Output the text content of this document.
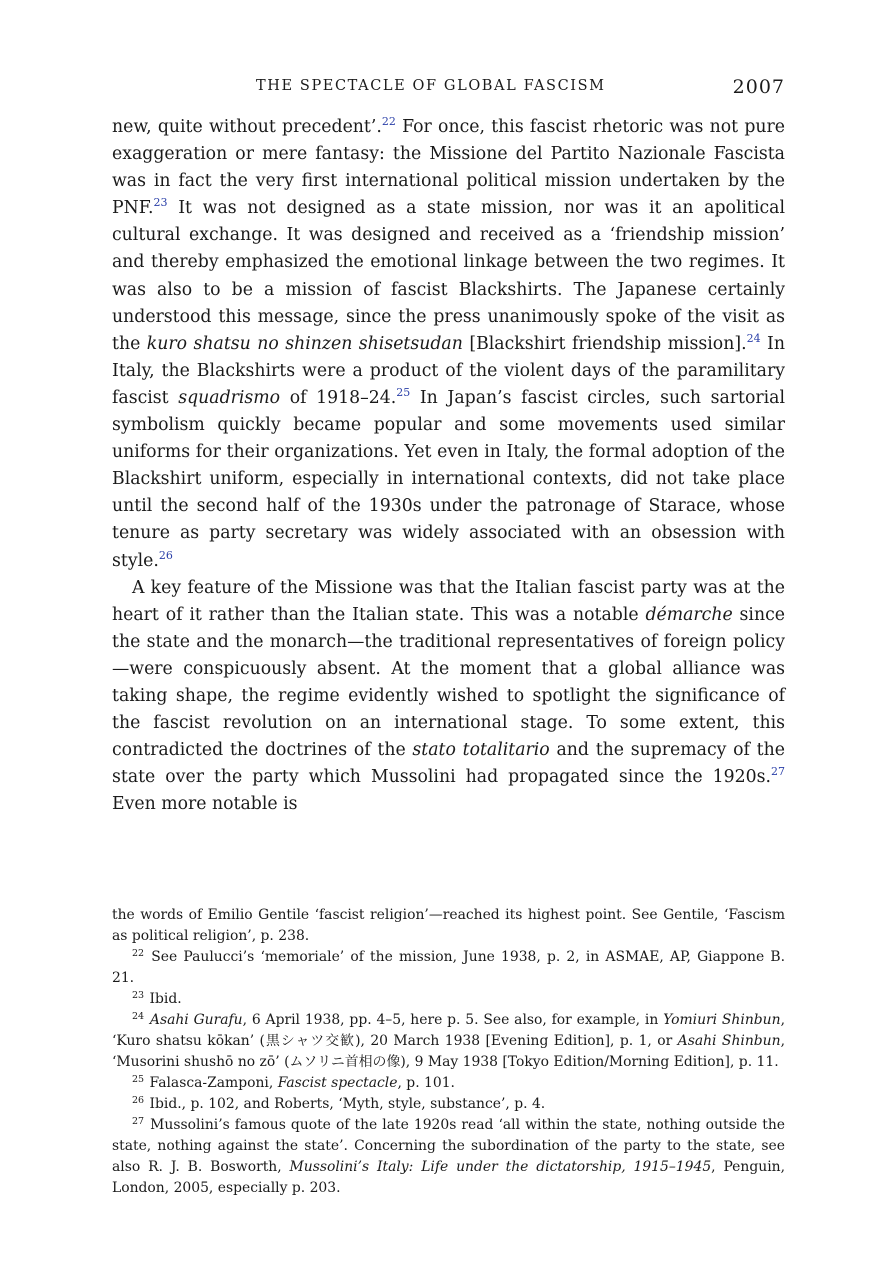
THE SPECTACLE OF GLOBAL FASCISM	2007

new, quite without precedent’.$^{22}$ For once, this fascist rhetoric was not pure exaggeration or mere fantasy: the Missione del Partito Nazionale Fascista was in fact the very first international political mission undertaken by the PNF.$^{23}$ It was not designed as a state mission, nor was it an apolitical cultural exchange. It was designed and received as a ‘friendship mission’ and thereby emphasized the emotional linkage between the two regimes. It was also to be a mission of fascist Blackshirts. The Japanese certainly understood this message, since the press unanimously spoke of the visit as the kuro shatsu no shinzen shisetsudan [Blackshirt friendship mission].$^{24}$ In Italy, the Blackshirts were a product of the violent days of the paramilitary fascist squadrismo of 1918–24.25 In Japan’s fascist circles, such sartorial symbolism quickly became popular and some movements used similar uniforms for their organizations. Yet even in Italy, the formal adoption of the Blackshirt uniform, especially in international contexts, did not take place until the second half of the 1930s under the patronage of Starace, whose tenure as party secretary was widely associated with an obsession with style.$^{26}$

A key feature of the Missione was that the Italian fascist party was at the heart of it rather than the Italian state. This was a notable démarche since the state and the monarch—the traditional representatives of foreign policy—were conspicuously absent. At the moment that a global alliance was taking shape, the regime evidently wished to spotlight the significance of the fascist revolution on an international stage. To some extent, this contradicted the doctrines of the stato totalitario and the supremacy of the state over the party which Mussolini had propagated since the 1920s.$^{27}$ Even more notable is

the words of Emilio Gentile ‘fascist religion’—reached its highest point. See Gentile, ‘Fascism as political religion’, p. 238.

$^{22}$ See Paulucci’s ‘memoriale’ of the mission, June 1938, p. 2, in ASMAE, AP, Giappone B. 21.

$^{23}$ Ibid.

$^{24}$ Asahi Gurafu, 6 April 1938, pp. 4–5, here p. 5. See also, for example, in Yomiuri Shinbun, ‘Kuro shatsu kōkan’ (黒シャツ交歓), 20 March 1938 [Evening Edition], p. 1, or Asahi Shinbun, ‘Musorini shushō no zō’ (ムソリニ首相の像), 9 May 1938 [Tokyo Edition/Morning Edition], p. 11.

$^{25}$ Falasca-Zamponi, Fascist spectacle, p. 101.

$^{26}$ Ibid., p. 102, and Roberts, ‘Myth, style, substance’, p. 4.

$^{27}$ Mussolini’s famous quote of the late 1920s read ‘all within the state, nothing outside the state, nothing against the state’. Concerning the subordination of the party to the state, see also R. J. B. Bosworth, Mussolini’s Italy: Life under the dictatorship, 1915–1945, Penguin, London, 2005, especially p. 203.
